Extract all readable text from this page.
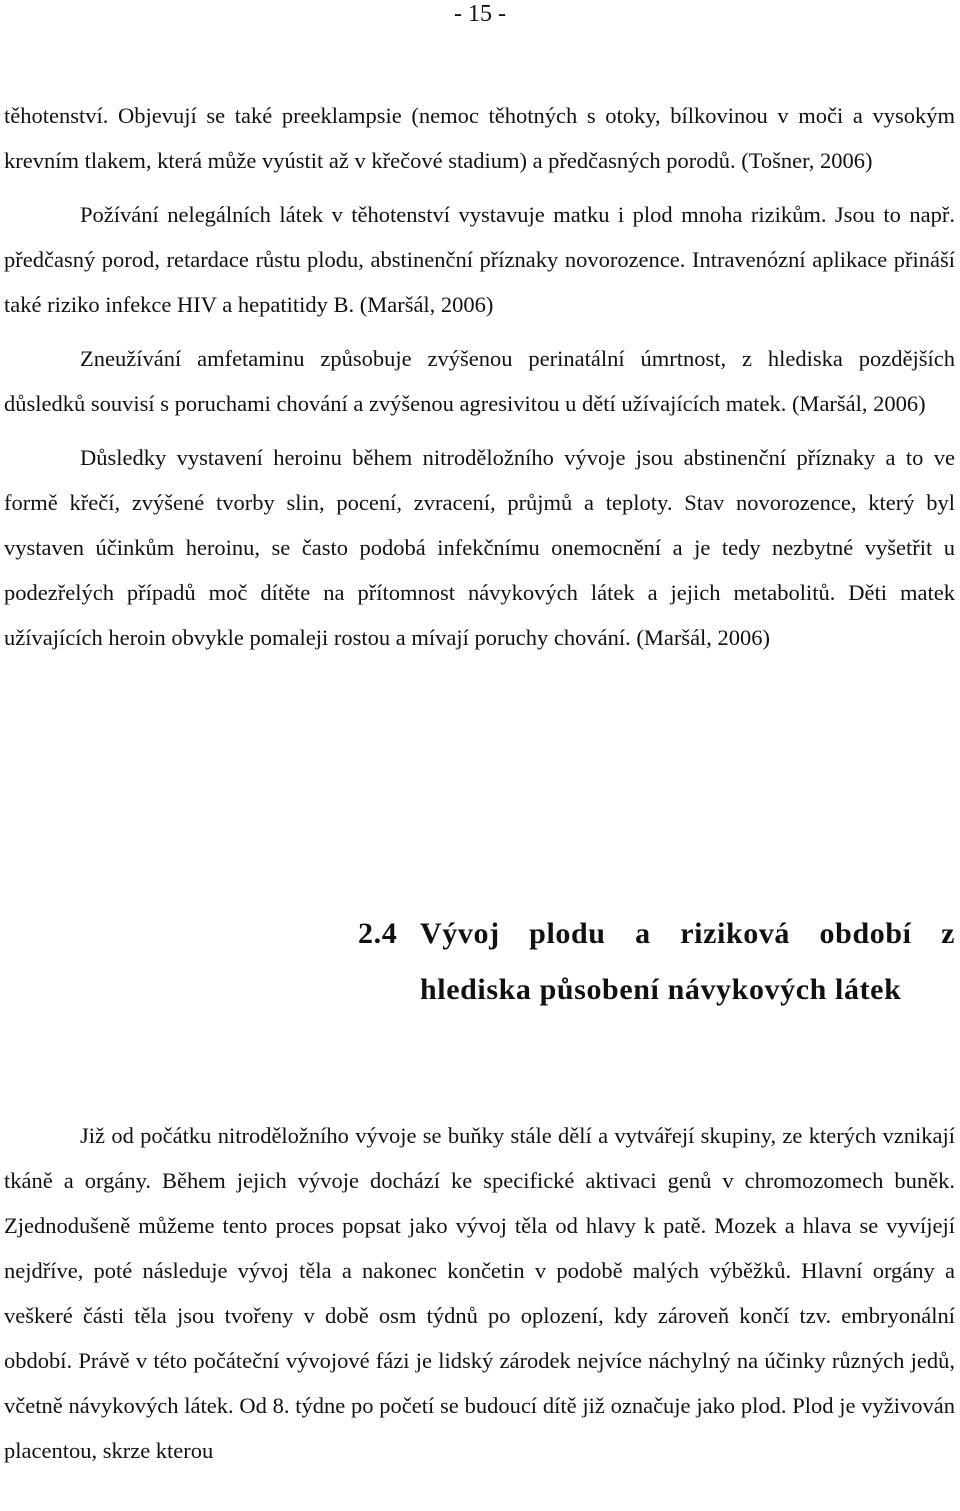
- 15 -

těhotenství. Objevují se také preeklampsie (nemoc těhotných s otoky, bílkovinou v moči a vysokým krevním tlakem, která může vyústit až v křečové stadium) a předčasných porodů. (Tošner, 2006)

Požívání nelegálních látek v těhotenství vystavuje matku i plod mnoha rizikům. Jsou to např. předčasný porod, retardace růstu plodu, abstinenční příznaky novorozence. Intravenózní aplikace přináší také riziko infekce HIV a hepatitidy B. (Maršál, 2006)

Zneužívání amfetaminu způsobuje zvýšenou perinatální úmrtnost, z hlediska pozdějších důsledků souvisí s poruchami chování a zvýšenou agresivitou u dětí užívajících matek. (Maršál, 2006)

Důsledky vystavení heroinu během nitroděložního vývoje jsou abstinenční příznaky a to ve formě křečí, zvýšené tvorby slin, pocení, zvracení, průjmů a teploty. Stav novorozence, který byl vystaven účinkům heroinu, se často podobá infekčnímu onemocnění a je tedy nezbytné vyšetřit u podezřelých případů moč dítěte na přítomnost návykových látek a jejich metabolitů. Děti matek užívajících heroin obvykle pomaleji rostou a mívají poruchy chování. (Maršál, 2006)

2.4 Vývoj plodu a riziková období z hlediska působení návykových látek

Již od počátku nitroděložního vývoje se buňky stále dělí a vytvářejí skupiny, ze kterých vznikají tkáně a orgány. Během jejich vývoje dochází ke specifické aktivaci genů v chromozomech buněk. Zjednodušeně můžeme tento proces popsat jako vývoj těla od hlavy k patě. Mozek a hlava se vyvíjejí nejdříve, poté následuje vývoj těla a nakonec končetin v podobě malých výběžků. Hlavní orgány a veškeré části těla jsou tvořeny v době osm týdnů po oplození, kdy zároveň končí tzv. embryonální období. Právě v této počáteční vývojové fázi je lidský zárodek nejvíce náchylný na účinky různých jedů, včetně návykových látek. Od 8. týdne po početí se budoucí dítě již označuje jako plod. Plod je vyživován placentou, skrze kterou
